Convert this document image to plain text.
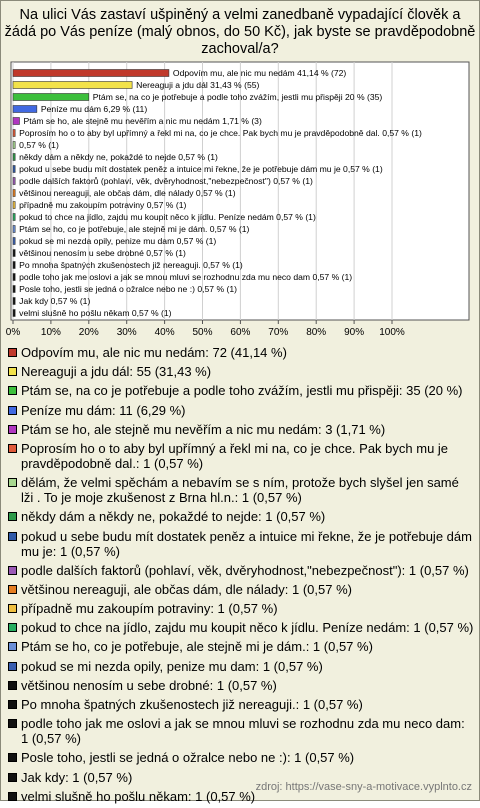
Na ulici Vás zastaví ušpiněný a velmi zanedbaně vypadající člověk a žádá po Vás peníze (malý obnos, do 50 Kč), jak byste se pravděpodobně zachoval/a?
0% 10% 20% 30% 40% 50% 60% 70% 80% 90% 100%
Odpovím mu, ale nic mu nedám 41,14 % (72)
Nereaguji a jdu dál 31,43 % (55)
Ptám se, na co je potřebuje a podle toho zvážím, jestli mu přispěji 20 % (35)
Peníze mu dám 6,29 % (11)
Ptám se ho, ale stejně mu nevěřím a nic mu nedám 1,71 % (3)
Poprosím ho o to aby byl upřímný a řekl mi na, co je chce. Pak bych mu je pravděpodobně dal. 0,57 % (1)
0,57 % (1)
někdy dám a někdy ne, pokaždé to nejde 0,57 % (1)
pokud u sebe budu mít dostatek peněz a intuice mi řekne, že je potřebuje dám mu je 0,57 % (1)
podle dalších faktorů (pohlaví, věk, dvěryhodnost,"nebezpečnost") 0,57 % (1)
většinou nereaguji, ale občas dám, dle nálady 0,57 % (1)
případně mu zakoupím potraviny 0,57 % (1)
pokud to chce na jídlo, zajdu mu koupit něco k jídlu. Peníze nedám 0,57 % (1)
Ptám se ho, co je potřebuje, ale stejně mi je dám. 0,57 % (1)
pokud se mi nezda opily, penize mu dam 0,57 % (1)
většinou nenosím u sebe drobné 0,57 % (1)
Po mnoha špatných zkušenostech již nereaguji. 0,57 % (1)
podle toho jak me oslovi a jak se mnou mluvi se rozhodnu zda mu neco dam 0,57 % (1)
Posle toho, jestli se jedná o ožralce nebo ne :) 0,57 % (1)
Jak kdy 0,57 % (1)
velmi slušně ho pošlu někam 0,57 % (1)
Odpovím mu, ale nic mu nedám: 72 (41,14 %)
Nereaguji a jdu dál: 55 (31,43 %)
Ptám se, na co je potřebuje a podle toho zvážím, jestli mu přispěji: 35 (20 %)
Peníze mu dám: 11 (6,29 %)
Ptám se ho, ale stejně mu nevěřím a nic mu nedám: 3 (1,71 %)
Poprosím ho o to aby byl upřímný a řekl mi na, co je chce. Pak bych mu je pravděpodobně dal.: 1 (0,57 %)
dělám, že velmi spěchám a nebavím se s ním, protože bych slyšel jen samé lži . To je moje zkušenost z Brna hl.n.: 1 (0,57 %)
někdy dám a někdy ne, pokaždé to nejde: 1 (0,57 %)
pokud u sebe budu mít dostatek peněz a intuice mi řekne, že je potřebuje dám mu je: 1 (0,57 %)
podle dalších faktorů (pohlaví, věk, dvěryhodnost,"nebezpečnost"): 1 (0,57 %)
většinou nereaguji, ale občas dám, dle nálady: 1 (0,57 %)
případně mu zakoupím potraviny: 1 (0,57 %)
pokud to chce na jídlo, zajdu mu koupit něco k jídlu. Peníze nedám: 1 (0,57 %)
Ptám se ho, co je potřebuje, ale stejně mi je dám.: 1 (0,57 %)
pokud se mi nezda opily, penize mu dam: 1 (0,57 %)
většinou nenosím u sebe drobné: 1 (0,57 %)
Po mnoha špatných zkušenostech již nereaguji.: 1 (0,57 %)
podle toho jak me oslovi a jak se mnou mluvi se rozhodnu zda mu neco dam: 1 (0,57 %)
Posle toho, jestli se jedná o ožralce nebo ne :): 1 (0,57 %)
Jak kdy: 1 (0,57 %)
velmi slušně ho pošlu někam: 1 (0,57 %)
zdroj: https://vase-sny-a-motivace.vyplnto.cz
